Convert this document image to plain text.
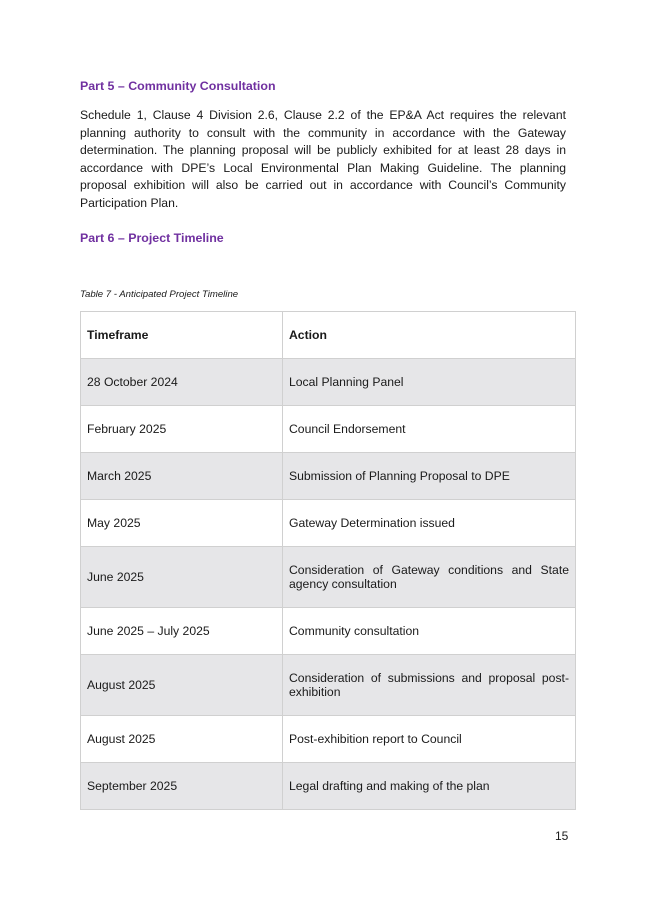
Part 5 – Community Consultation

Schedule 1, Clause 4 Division 2.6, Clause 2.2 of the EP&A Act requires the relevant planning authority to consult with the community in accordance with the Gateway determination. The planning proposal will be publicly exhibited for at least 28 days in accordance with DPE’s Local Environmental Plan Making Guideline. The planning proposal exhibition will also be carried out in accordance with Council’s Community Participation Plan.

Part 6 – Project Timeline

Table 7 - Anticipated Project Timeline

Timeframe	Action
28 October 2024	Local Planning Panel
February 2025	Council Endorsement
March 2025	Submission of Planning Proposal to DPE
May 2025	Gateway Determination issued
June 2025	Consideration of Gateway conditions and State agency consultation
June 2025 – July 2025	Community consultation
August 2025	Consideration of submissions and proposal post-exhibition
August 2025	Post-exhibition report to Council
September 2025	Legal drafting and making of the plan

15
